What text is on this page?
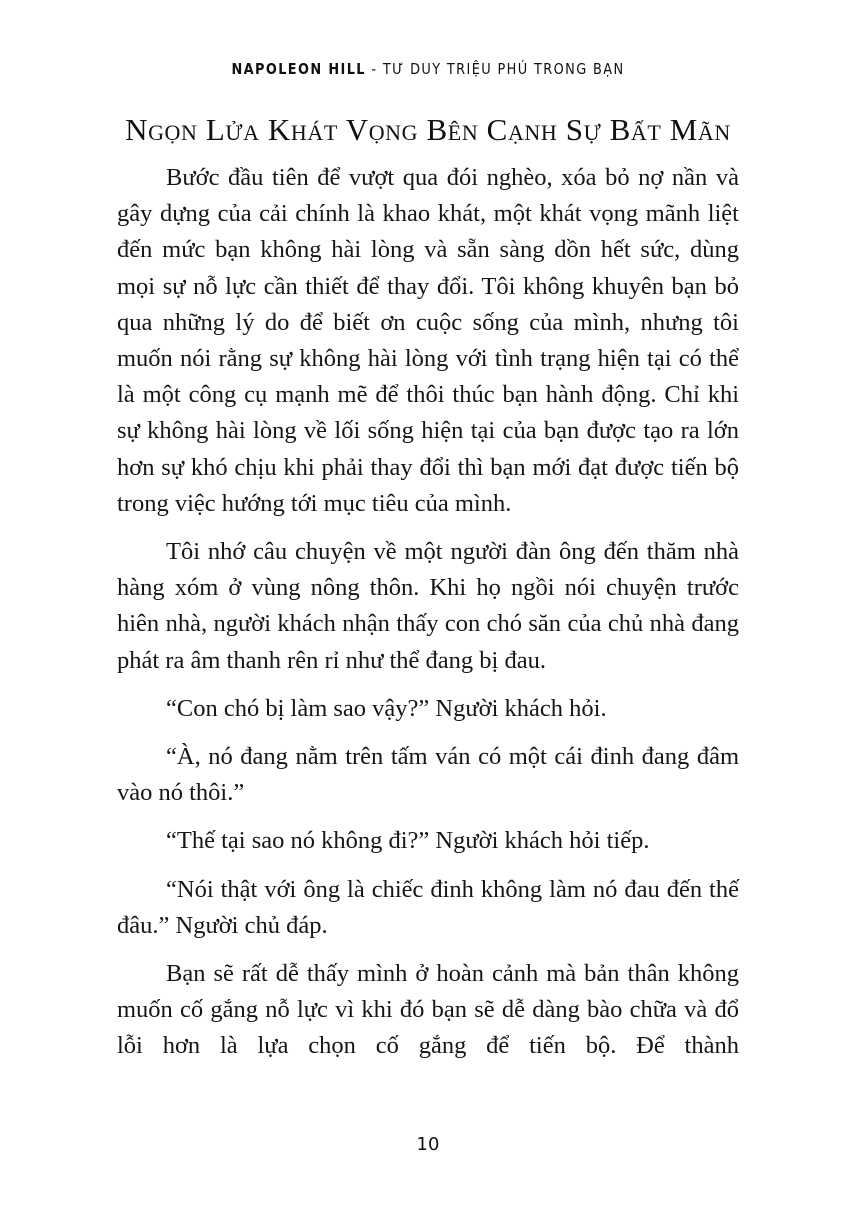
NAPOLEON HILL - TƯ DUY TRIỆU PHÚ TRONG BẠN
Ngọn Lửa Khát Vọng Bên Cạnh Sự Bất Mãn

Bước đầu tiên để vượt qua đói nghèo, xóa bỏ nợ nần và gây dựng của cải chính là khao khát, một khát vọng mãnh liệt đến mức bạn không hài lòng và sẵn sàng dồn hết sức, dùng mọi sự nỗ lực cần thiết để thay đổi. Tôi không khuyên bạn bỏ qua những lý do để biết ơn cuộc sống của mình, nhưng tôi muốn nói rằng sự không hài lòng với tình trạng hiện tại có thể là một công cụ mạnh mẽ để thôi thúc bạn hành động. Chỉ khi sự không hài lòng về lối sống hiện tại của bạn được tạo ra lớn hơn sự khó chịu khi phải thay đổi thì bạn mới đạt được tiến bộ trong việc hướng tới mục tiêu của mình.

Tôi nhớ câu chuyện về một người đàn ông đến thăm nhà hàng xóm ở vùng nông thôn. Khi họ ngồi nói chuyện trước hiên nhà, người khách nhận thấy con chó săn của chủ nhà đang phát ra âm thanh rên rỉ như thể đang bị đau.

“Con chó bị làm sao vậy?” Người khách hỏi.

“À, nó đang nằm trên tấm ván có một cái đinh đang đâm vào nó thôi.”

“Thế tại sao nó không đi?” Người khách hỏi tiếp.

“Nói thật với ông là chiếc đinh không làm nó đau đến thế đâu.” Người chủ đáp.

Bạn sẽ rất dễ thấy mình ở hoàn cảnh mà bản thân không muốn cố gắng nỗ lực vì khi đó bạn sẽ dễ dàng bào chữa và đổ lỗi hơn là lựa chọn cố gắng để tiến bộ. Để thành

10
